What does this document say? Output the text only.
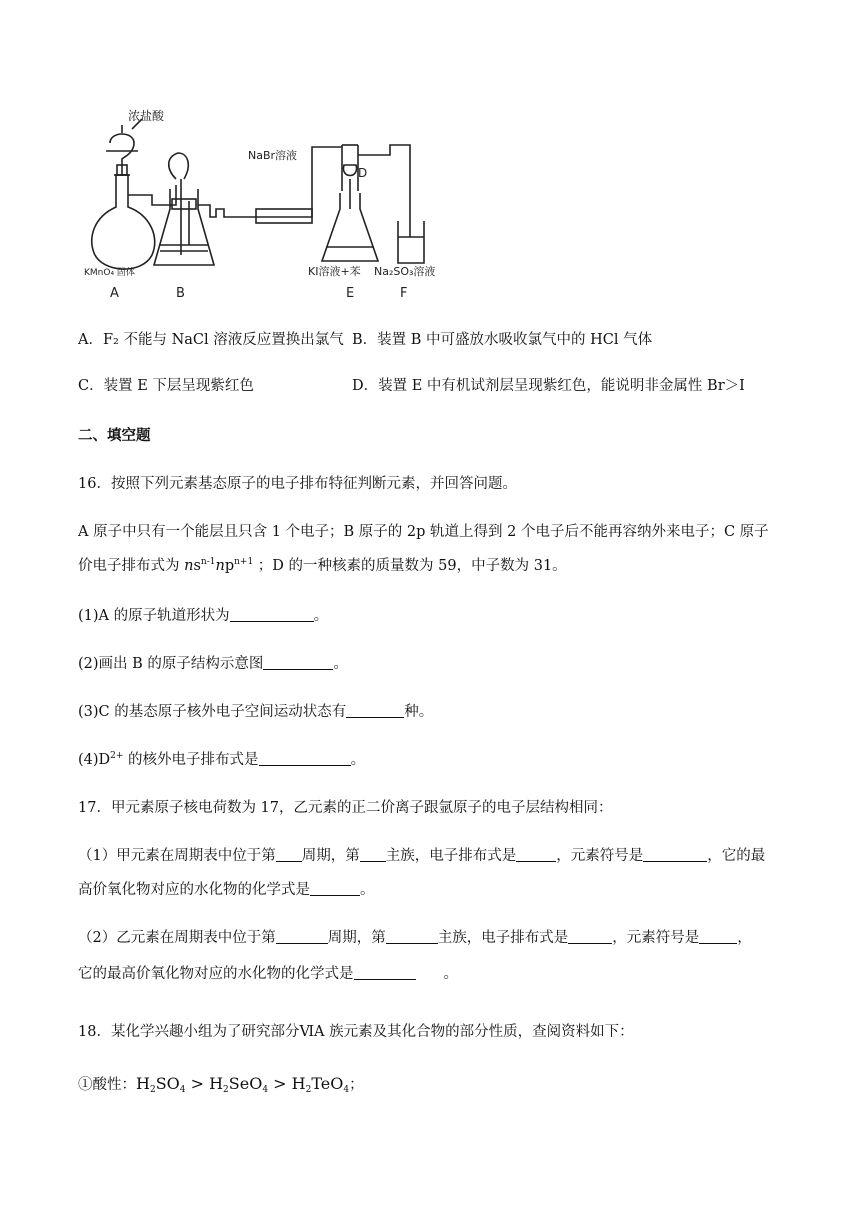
浓盐酸
NaBr溶液
D
KMnO₄ 固体	KI溶液+苯 Na₂SO₃溶液
A	B	E	F
A．F₂ 不能与 NaCl 溶液反应置换出氯气 B．装置 B 中可盛放水吸收氯气中的 HCl 气体
C．装置 E 下层呈现紫红色	D．装置 E 中有机试剂层呈现紫红色，能说明非金属性 Br＞I
二、填空题
16．按照下列元素基态原子的电子排布特征判断元素，并回答问题。
A 原子中只有一个能层且只含 1 个电子；B 原子的 2p 轨道上得到 2 个电子后不能再容纳外来电子；C 原子
价电子排布式为 $ns^{n-1}np^{n+1}$ ；D 的一种核素的质量数为 59，中子数为 31。
(1)A 的原子轨道形状为	。
(2)画出 B 的原子结构示意图	。
(3)C 的基态原子核外电子空间运动状态有	种。
$(4)D^{2+}$ 的核外电子排布式是	。
17．甲元素原子核电荷数为 17，乙元素的正二价离子跟氩原子的电子层结构相同：
（1）甲元素在周期表中位于第 周期，第 主族，电子排布式是	，元素符号是	，它的最
高价氧化物对应的水化物的化学式是	。
（2）乙元素在周期表中位于第	周期，第	主族，电子排布式是	，元素符号是	，
它的最高价氧化物对应的水化物的化学式是	。
18．某化学兴趣小组为了研究部分ⅥA 族元素及其化合物的部分性质，查阅资料如下：
①酸性：$H_2SO_4 > H_2SeO_4 > H_2TeO_4$；
